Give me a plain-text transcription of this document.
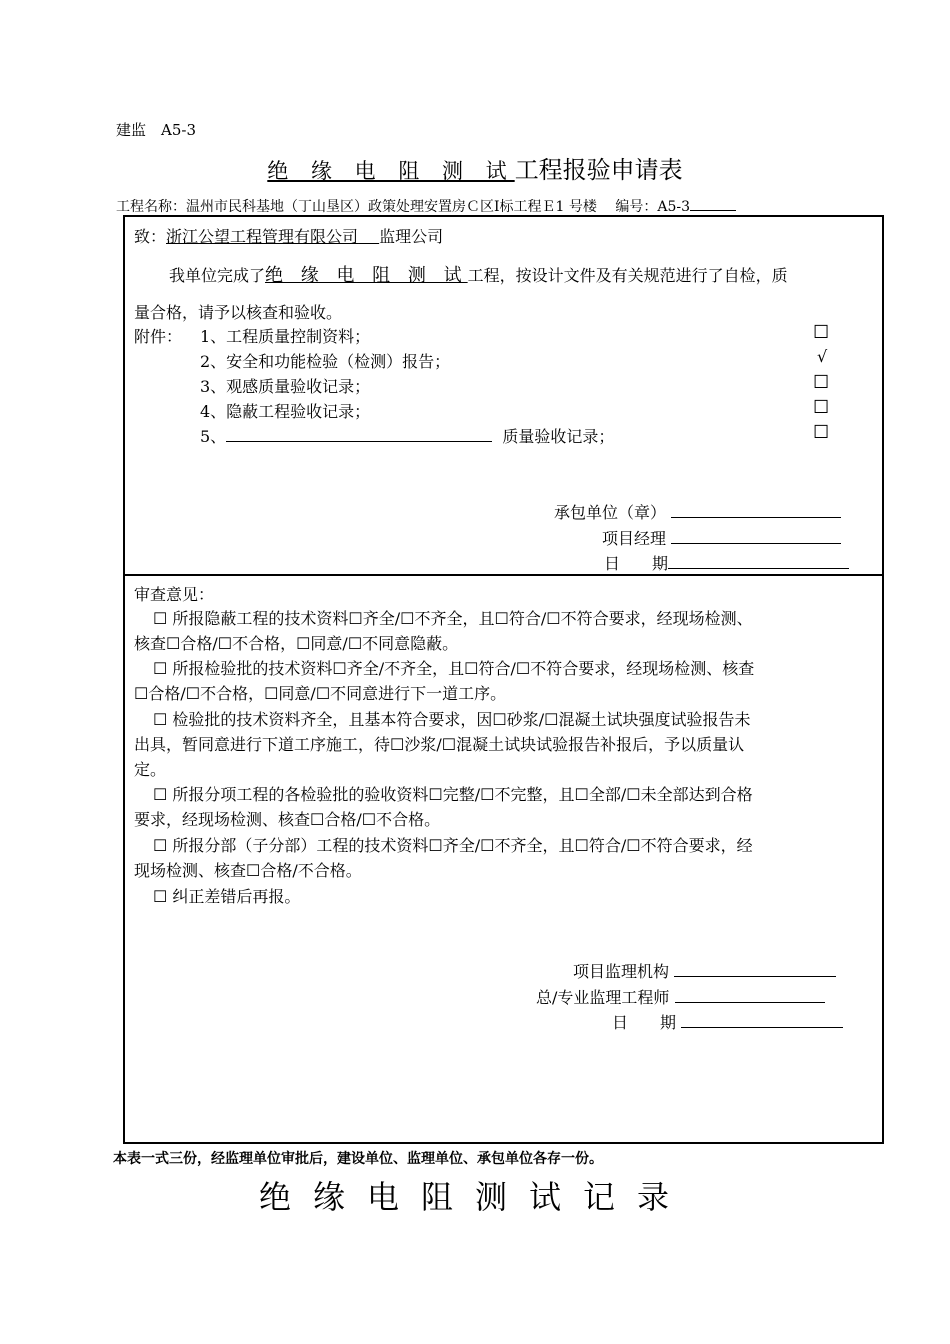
建监　A5-3
绝 缘 电 阻 测 试工程报验申请表
工程名称：温州市民科基地（丁山垦区）政策处理安置房Ｃ区Ⅰ标工程Ｅ1 号楼　 编号：A5-3
致：浙江公望工程管理有限公司　 监理公司
我单位完成了绝 缘 电 阻 测 试工程，按设计文件及有关规范进行了自检，质
量合格，请予以核查和验收。
附件： 1、工程质量控制资料；	☐
2、安全和功能检验（检测）报告；	√
3、观感质量验收记录；	☐
4、隐蔽工程验收记录；	☐
5、	质量验收记录；	☐
承包单位（章）
项目经理
日　　期
审查意见：
☐ 所报隐蔽工程的技术资料☐齐全/☐不齐全，且☐符合/☐不符合要求，经现场检测、
核查☐合格/☐不合格，☐同意/☐不同意隐蔽。
☐ 所报检验批的技术资料☐齐全/不齐全，且☐符合/☐不符合要求，经现场检测、核查
☐合格/☐不合格，☐同意/☐不同意进行下一道工序。
☐ 检验批的技术资料齐全，且基本符合要求，因☐砂浆/☐混凝土试块强度试验报告未
出具，暂同意进行下道工序施工，待☐沙浆/☐混凝土试块试验报告补报后，予以质量认
定。
☐ 所报分项工程的各检验批的验收资料☐完整/☐不完整，且☐全部/☐未全部达到合格
要求，经现场检测、核查☐合格/☐不合格。
☐ 所报分部（子分部）工程的技术资料☐齐全/☐不齐全，且☐符合/☐不符合要求，经
现场检测、核查☐合格/不合格。
☐ 纠正差错后再报。
项目监理机构
总/专业监理工程师
日　　期
本表一式三份，经监理单位审批后，建设单位、监理单位、承包单位各存一份。
绝缘电阻测试记录
